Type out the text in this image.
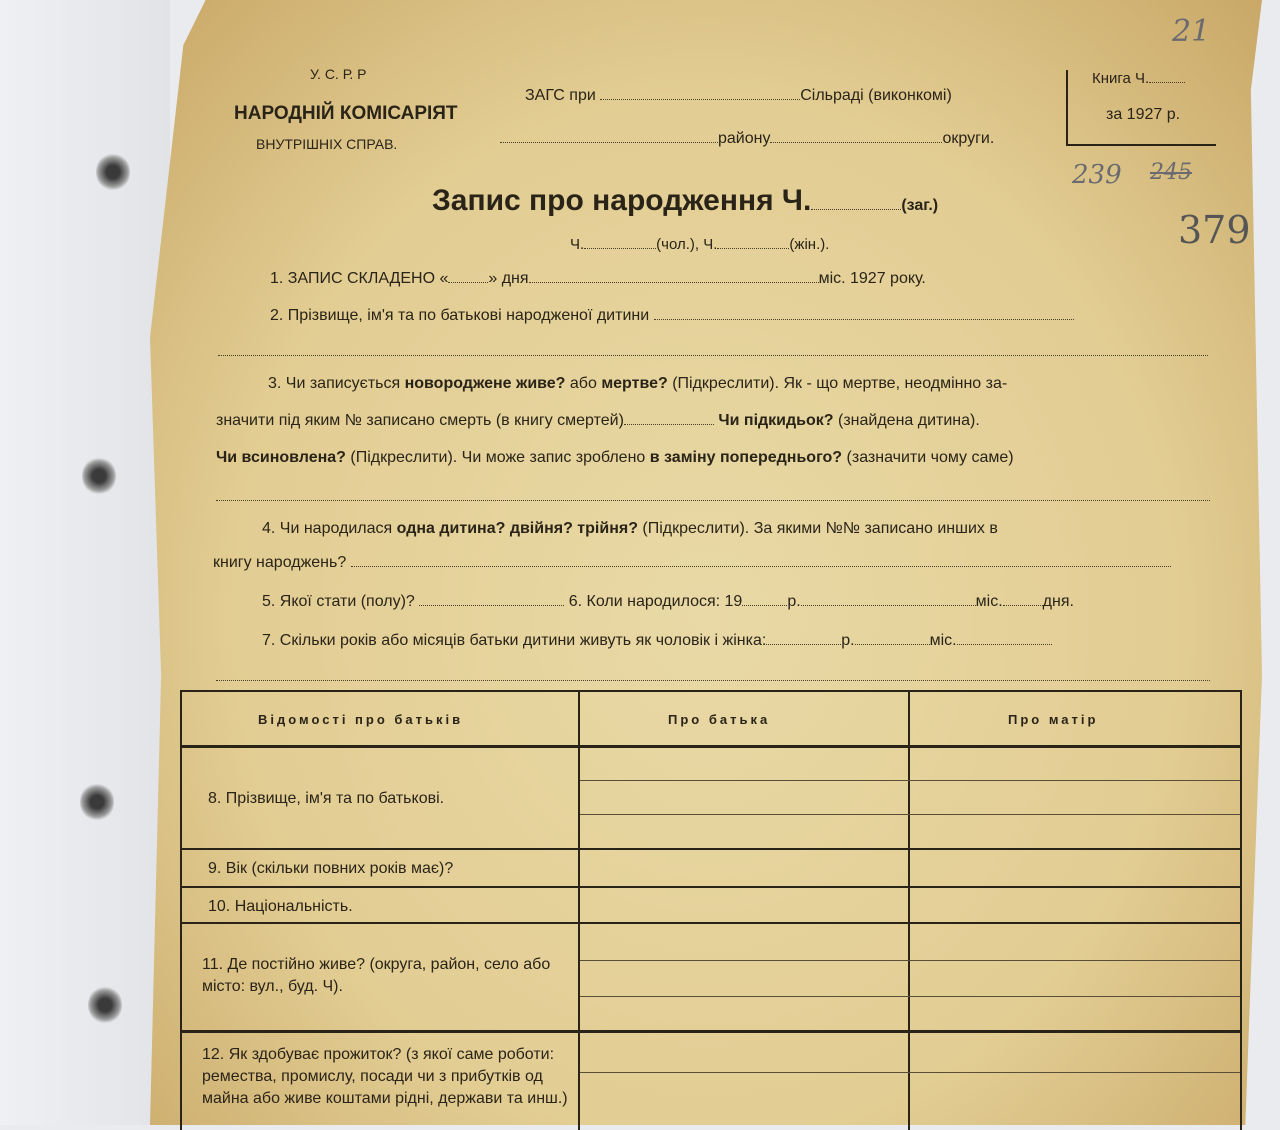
У. С. Р. Р
НАРОДНІЙ КОМІСАРІЯТ
ВНУТРІШНІХ СПРАВ.
ЗАГС при	Сільраді (виконкомі)
району	округи.
Книга Ч.
за 1927 р.
21
239 245
379
Запис про народження Ч.	(заг.)
Ч.	(чол.), Ч.	(жін.).
1. ЗАПИС СКЛАДЕНО «	» дня	міс. 1927 року.
2. Прізвище, ім'я та по батькові народженої дитини
3. Чи записується новороджене живе? або мертве? (Підкреслити). Як - що мертве, неодмінно за-
значити під яким № записано смерть (в книгу смертей)	Чи підкидьок? (знайдена дитина).
Чи всиновлена? (Підкреслити). Чи може запис зроблено в заміну попереднього? (зазначити чому саме)
4. Чи народилася одна дитина? двійня? трійня? (Підкреслити). За якими №№ записано инших в
книгу народжень?
5. Якої стати (полу)?	6. Коли народилося: 19	р.	міс.	дня.
7. Скільки років або місяців батьки дитини живуть як чоловік і жінка:	р.	міс.
Відомості про батьків	Про батька	Про матір
8. Прізвище, ім'я та по батькові.
9. Вік (скільки повних років має)?
10. Національність.
11. Де постійно живе? (округа, район, село або місто: вул., буд. Ч).
12. Як здобуває прожиток? (з якої саме роботи: ремества, промислу, посади чи з прибутків од майна або живе коштами рідні, держави та инш.)
